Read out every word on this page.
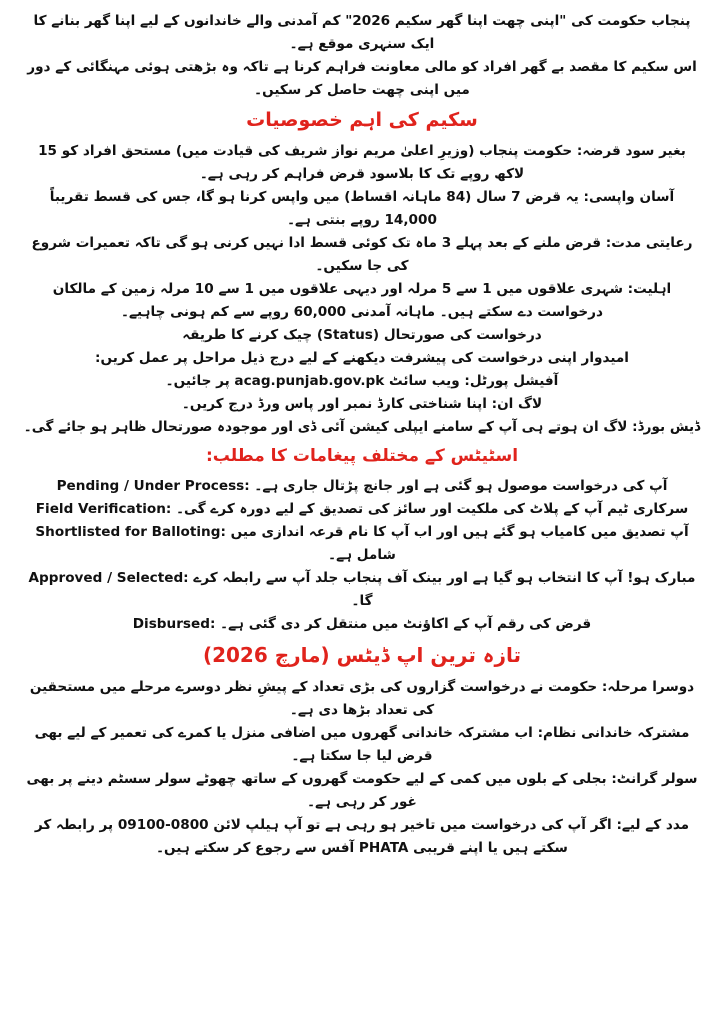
پنجاب حکومت کی "اپنی چھت اپنا گھر سکیم 2026" کم آمدنی والے خاندانوں کے لیے اپنا گھر بنانے کا ایک سنہری موقع ہے۔

اس سکیم کا مقصد بے گھر افراد کو مالی معاونت فراہم کرنا ہے تاکہ وہ بڑھتی ہوئی مہنگائی کے دور میں اپنی چھت حاصل کر سکیں۔

سکیم کی اہم خصوصیات

بغیر سود قرضہ: حکومت پنجاب (وزیرِ اعلیٰ مریم نواز شریف کی قیادت میں) مستحق افراد کو 15 لاکھ روپے تک کا بلاسود قرض فراہم کر رہی ہے۔

آسان واپسی: یہ قرض 7 سال (84 ماہانہ اقساط) میں واپس کرنا ہو گا، جس کی قسط تقریباً 14,000 روپے بنتی ہے۔

رعایتی مدت: قرض ملنے کے بعد پہلے 3 ماہ تک کوئی قسط ادا نہیں کرنی ہو گی تاکہ تعمیرات شروع کی جا سکیں۔

اہلیت: شہری علاقوں میں 1 سے 5 مرلہ اور دیہی علاقوں میں 1 سے 10 مرلہ زمین کے مالکان درخواست دے سکتے ہیں۔ ماہانہ آمدنی 60,000 روپے سے کم ہونی چاہیے۔

درخواست کی صورتحال (Status) چیک کرنے کا طریقہ

امیدوار اپنی درخواست کی پیشرفت دیکھنے کے لیے درج ذیل مراحل پر عمل کریں:

آفیشل پورٹل: ویب سائٹ acag.punjab.gov.pk پر جائیں۔

لاگ ان: اپنا شناختی کارڈ نمبر اور پاس ورڈ درج کریں۔

ڈیش بورڈ: لاگ ان ہوتے ہی آپ کے سامنے ایپلی کیشن آئی ڈی اور موجودہ صورتحال ظاہر ہو جائے گی۔

اسٹیٹس کے مختلف پیغامات کا مطلب:

Pending / Under Process: آپ کی درخواست موصول ہو گئی ہے اور جانچ پڑتال جاری ہے۔

Field Verification: سرکاری ٹیم آپ کے پلاٹ کی ملکیت اور سائز کی تصدیق کے لیے دورہ کرے گی۔

Shortlisted for Balloting: آپ تصدیق میں کامیاب ہو گئے ہیں اور اب آپ کا نام قرعہ اندازی میں شامل ہے۔

Approved / Selected: مبارک ہو! آپ کا انتخاب ہو گیا ہے اور بینک آف پنجاب جلد آپ سے رابطہ کرے گا۔

Disbursed: قرض کی رقم آپ کے اکاؤنٹ میں منتقل کر دی گئی ہے۔

تازہ ترین اپ ڈیٹس (مارچ 2026)

دوسرا مرحلہ: حکومت نے درخواست گزاروں کی بڑی تعداد کے پیشِ نظر دوسرے مرحلے میں مستحقین کی تعداد بڑھا دی ہے۔

مشترکہ خاندانی نظام: اب مشترکہ خاندانی گھروں میں اضافی منزل یا کمرے کی تعمیر کے لیے بھی قرض لیا جا سکتا ہے۔

سولر گرانٹ: بجلی کے بلوں میں کمی کے لیے حکومت گھروں کے ساتھ چھوٹے سولر سسٹم دینے پر بھی غور کر رہی ہے۔

مدد کے لیے: اگر آپ کی درخواست میں تاخیر ہو رہی ہے تو آپ ہیلپ لائن 0800-09100 پر رابطہ کر سکتے ہیں یا اپنے قریبی PHATA آفس سے رجوع کر سکتے ہیں۔
